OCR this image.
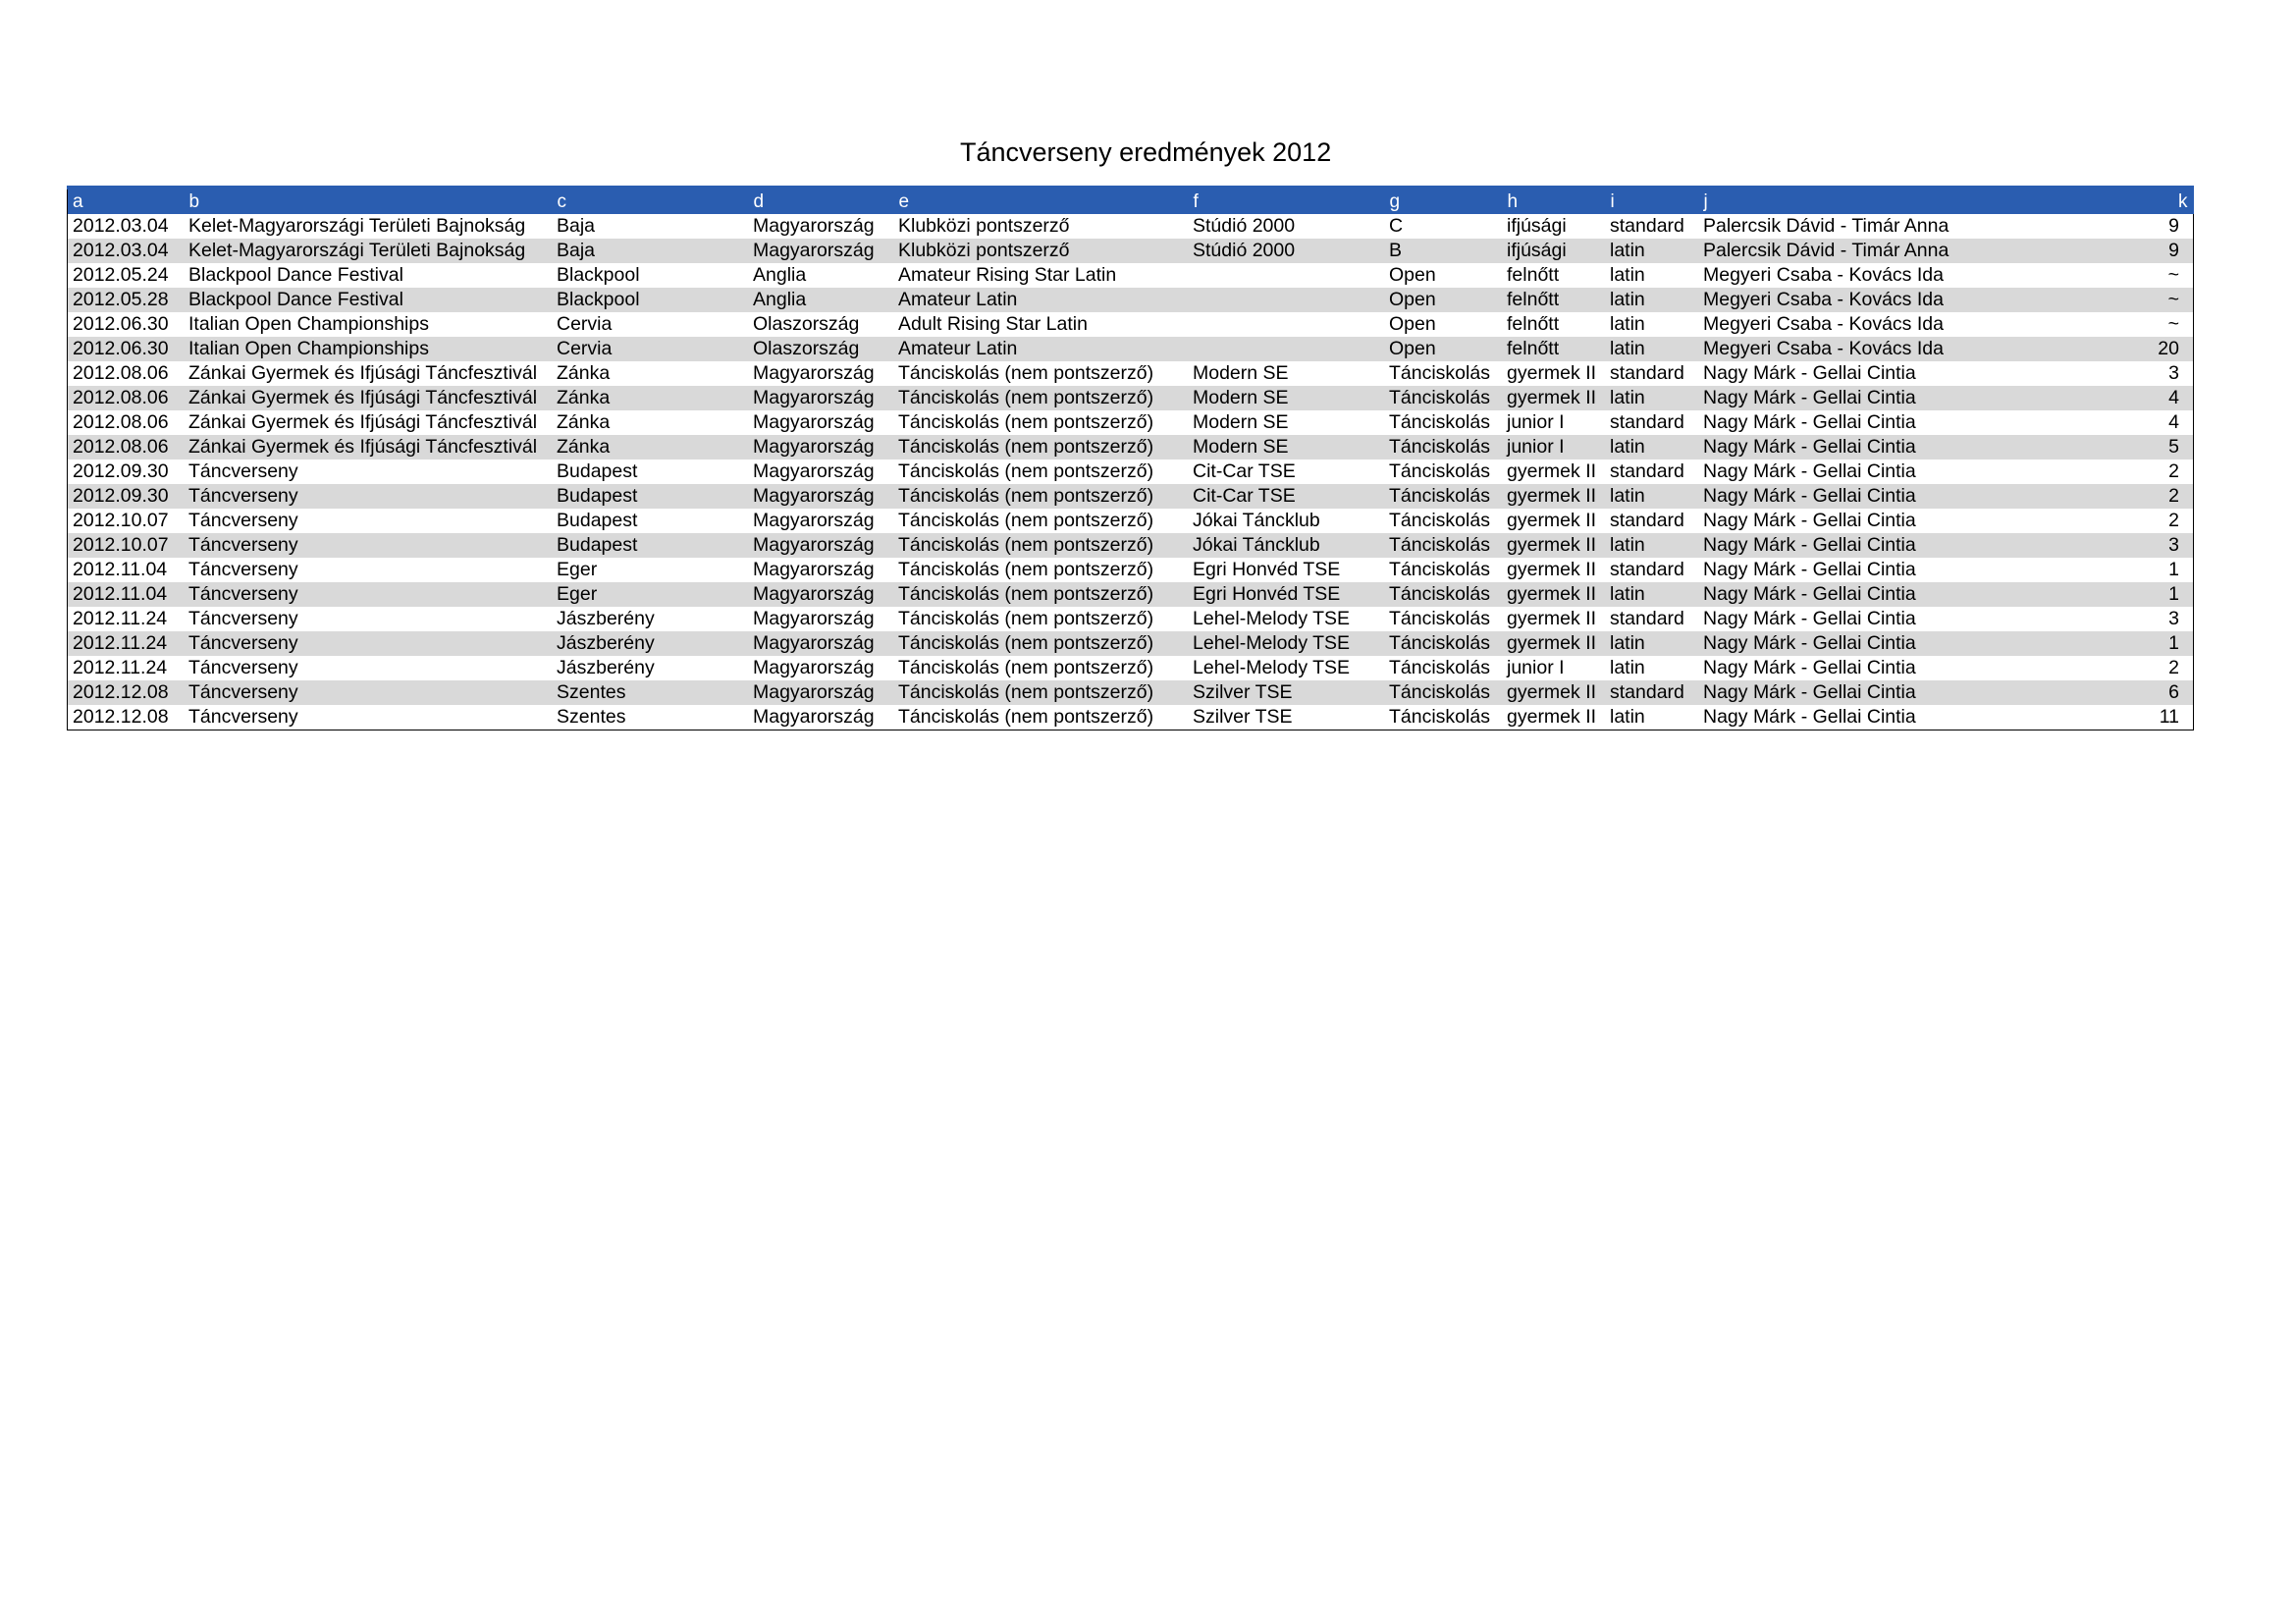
Táncverseny eredmények 2012
a	b	c	d	e	f	g	h	i	j	k
2012.03.04	Kelet-Magyarországi Területi Bajnokság	Baja	Magyarország	Klubközi pontszerző	Stúdió 2000	C	ifjúsági	standard	Palercsik Dávid - Timár Anna	9
2012.03.04	Kelet-Magyarországi Területi Bajnokság	Baja	Magyarország	Klubközi pontszerző	Stúdió 2000	B	ifjúsági	latin	Palercsik Dávid - Timár Anna	9
2012.05.24	Blackpool Dance Festival	Blackpool	Anglia	Amateur Rising Star Latin		Open	felnőtt	latin	Megyeri Csaba - Kovács Ida	~
2012.05.28	Blackpool Dance Festival	Blackpool	Anglia	Amateur Latin		Open	felnőtt	latin	Megyeri Csaba - Kovács Ida	~
2012.06.30	Italian Open Championships	Cervia	Olaszország	Adult Rising Star Latin		Open	felnőtt	latin	Megyeri Csaba - Kovács Ida	~
2012.06.30	Italian Open Championships	Cervia	Olaszország	Amateur Latin		Open	felnőtt	latin	Megyeri Csaba - Kovács Ida	20
2012.08.06	Zánkai Gyermek és Ifjúsági Táncfesztivál	Zánka	Magyarország	Tánciskolás (nem pontszerző)	Modern SE	Tánciskolás	gyermek II	standard	Nagy Márk - Gellai Cintia	3
2012.08.06	Zánkai Gyermek és Ifjúsági Táncfesztivál	Zánka	Magyarország	Tánciskolás (nem pontszerző)	Modern SE	Tánciskolás	gyermek II	latin	Nagy Márk - Gellai Cintia	4
2012.08.06	Zánkai Gyermek és Ifjúsági Táncfesztivál	Zánka	Magyarország	Tánciskolás (nem pontszerző)	Modern SE	Tánciskolás	junior I	standard	Nagy Márk - Gellai Cintia	4
2012.08.06	Zánkai Gyermek és Ifjúsági Táncfesztivál	Zánka	Magyarország	Tánciskolás (nem pontszerző)	Modern SE	Tánciskolás	junior I	latin	Nagy Márk - Gellai Cintia	5
2012.09.30	Táncverseny	Budapest	Magyarország	Tánciskolás (nem pontszerző)	Cit-Car TSE	Tánciskolás	gyermek II	standard	Nagy Márk - Gellai Cintia	2
2012.09.30	Táncverseny	Budapest	Magyarország	Tánciskolás (nem pontszerző)	Cit-Car TSE	Tánciskolás	gyermek II	latin	Nagy Márk - Gellai Cintia	2
2012.10.07	Táncverseny	Budapest	Magyarország	Tánciskolás (nem pontszerző)	Jókai Táncklub	Tánciskolás	gyermek II	standard	Nagy Márk - Gellai Cintia	2
2012.10.07	Táncverseny	Budapest	Magyarország	Tánciskolás (nem pontszerző)	Jókai Táncklub	Tánciskolás	gyermek II	latin	Nagy Márk - Gellai Cintia	3
2012.11.04	Táncverseny	Eger	Magyarország	Tánciskolás (nem pontszerző)	Egri Honvéd TSE	Tánciskolás	gyermek II	standard	Nagy Márk - Gellai Cintia	1
2012.11.04	Táncverseny	Eger	Magyarország	Tánciskolás (nem pontszerző)	Egri Honvéd TSE	Tánciskolás	gyermek II	latin	Nagy Márk - Gellai Cintia	1
2012.11.24	Táncverseny	Jászberény	Magyarország	Tánciskolás (nem pontszerző)	Lehel-Melody TSE	Tánciskolás	gyermek II	standard	Nagy Márk - Gellai Cintia	3
2012.11.24	Táncverseny	Jászberény	Magyarország	Tánciskolás (nem pontszerző)	Lehel-Melody TSE	Tánciskolás	gyermek II	latin	Nagy Márk - Gellai Cintia	1
2012.11.24	Táncverseny	Jászberény	Magyarország	Tánciskolás (nem pontszerző)	Lehel-Melody TSE	Tánciskolás	junior I	latin	Nagy Márk - Gellai Cintia	2
2012.12.08	Táncverseny	Szentes	Magyarország	Tánciskolás (nem pontszerző)	Szilver TSE	Tánciskolás	gyermek II	standard	Nagy Márk - Gellai Cintia	6
2012.12.08	Táncverseny	Szentes	Magyarország	Tánciskolás (nem pontszerző)	Szilver TSE	Tánciskolás	gyermek II	latin	Nagy Márk - Gellai Cintia	11
